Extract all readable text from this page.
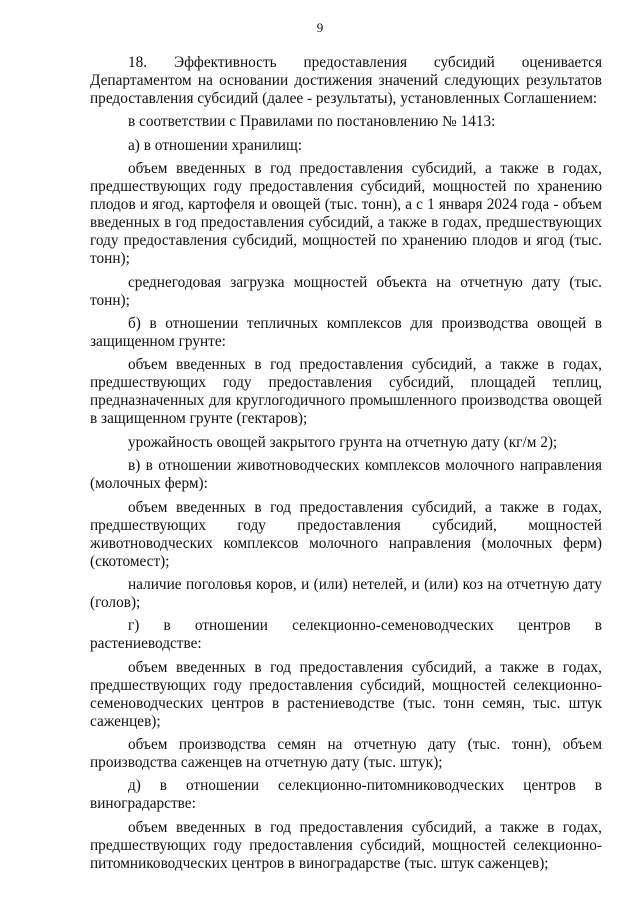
9

18. Эффективность предоставления субсидий оценивается Департаментом на основании достижения значений следующих результатов предоставления субсидий (далее - результаты), установленных Соглашением:

в соответствии с Правилами по постановлению № 1413:

а) в отношении хранилищ:

объем введенных в год предоставления субсидий, а также в годах, предшествующих году предоставления субсидий, мощностей по хранению плодов и ягод, картофеля и овощей (тыс. тонн), а с 1 января 2024 года - объем введенных в год предоставления субсидий, а также в годах, предшествующих году предоставления субсидий, мощностей по хранению плодов и ягод (тыс. тонн);

среднегодовая загрузка мощностей объекта на отчетную дату (тыс. тонн);

б) в отношении тепличных комплексов для производства овощей в защищенном грунте:

объем введенных в год предоставления субсидий, а также в годах, предшествующих году предоставления субсидий, площадей теплиц, предназначенных для круглогодичного промышленного производства овощей в защищенном грунте (гектаров);

урожайность овощей закрытого грунта на отчетную дату (кг/м 2);

в) в отношении животноводческих комплексов молочного направления (молочных ферм):

объем введенных в год предоставления субсидий, а также в годах, предшествующих году предоставления субсидий, мощностей животноводческих комплексов молочного направления (молочных ферм) (скотомест);

наличие поголовья коров, и (или) нетелей, и (или) коз на отчетную дату (голов);

г) в отношении селекционно-семеноводческих центров в растениеводстве:

объем введенных в год предоставления субсидий, а также в годах, предшествующих году предоставления субсидий, мощностей селекционно-семеноводческих центров в растениеводстве (тыс. тонн семян, тыс. штук саженцев);

объем производства семян на отчетную дату (тыс. тонн), объем производства саженцев на отчетную дату (тыс. штук);

д) в отношении селекционно-питомниководческих центров в виноградарстве:

объем введенных в год предоставления субсидий, а также в годах, предшествующих году предоставления субсидий, мощностей селекционно-питомниководческих центров в виноградарстве (тыс. штук саженцев);
